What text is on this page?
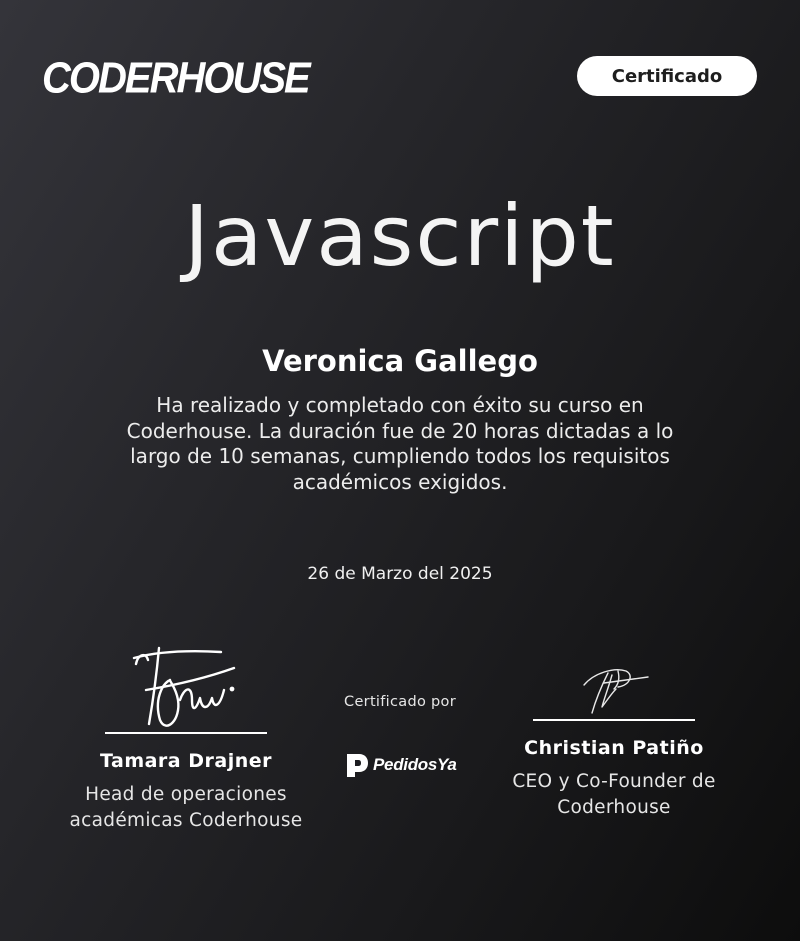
CODERHOUSE	Certificado
Javascript
Veronica Gallego
Ha realizado y completado con éxito su curso en Coderhouse. La duración fue de 20 horas dictadas a lo largo de 10 semanas, cumpliendo todos los requisitos académicos exigidos.
26 de Marzo del 2025
Tamara Drajner
Head de operaciones académicas Coderhouse
Certificado por
PedidosYa
Christian Patiño
CEO y Co-Founder de Coderhouse
